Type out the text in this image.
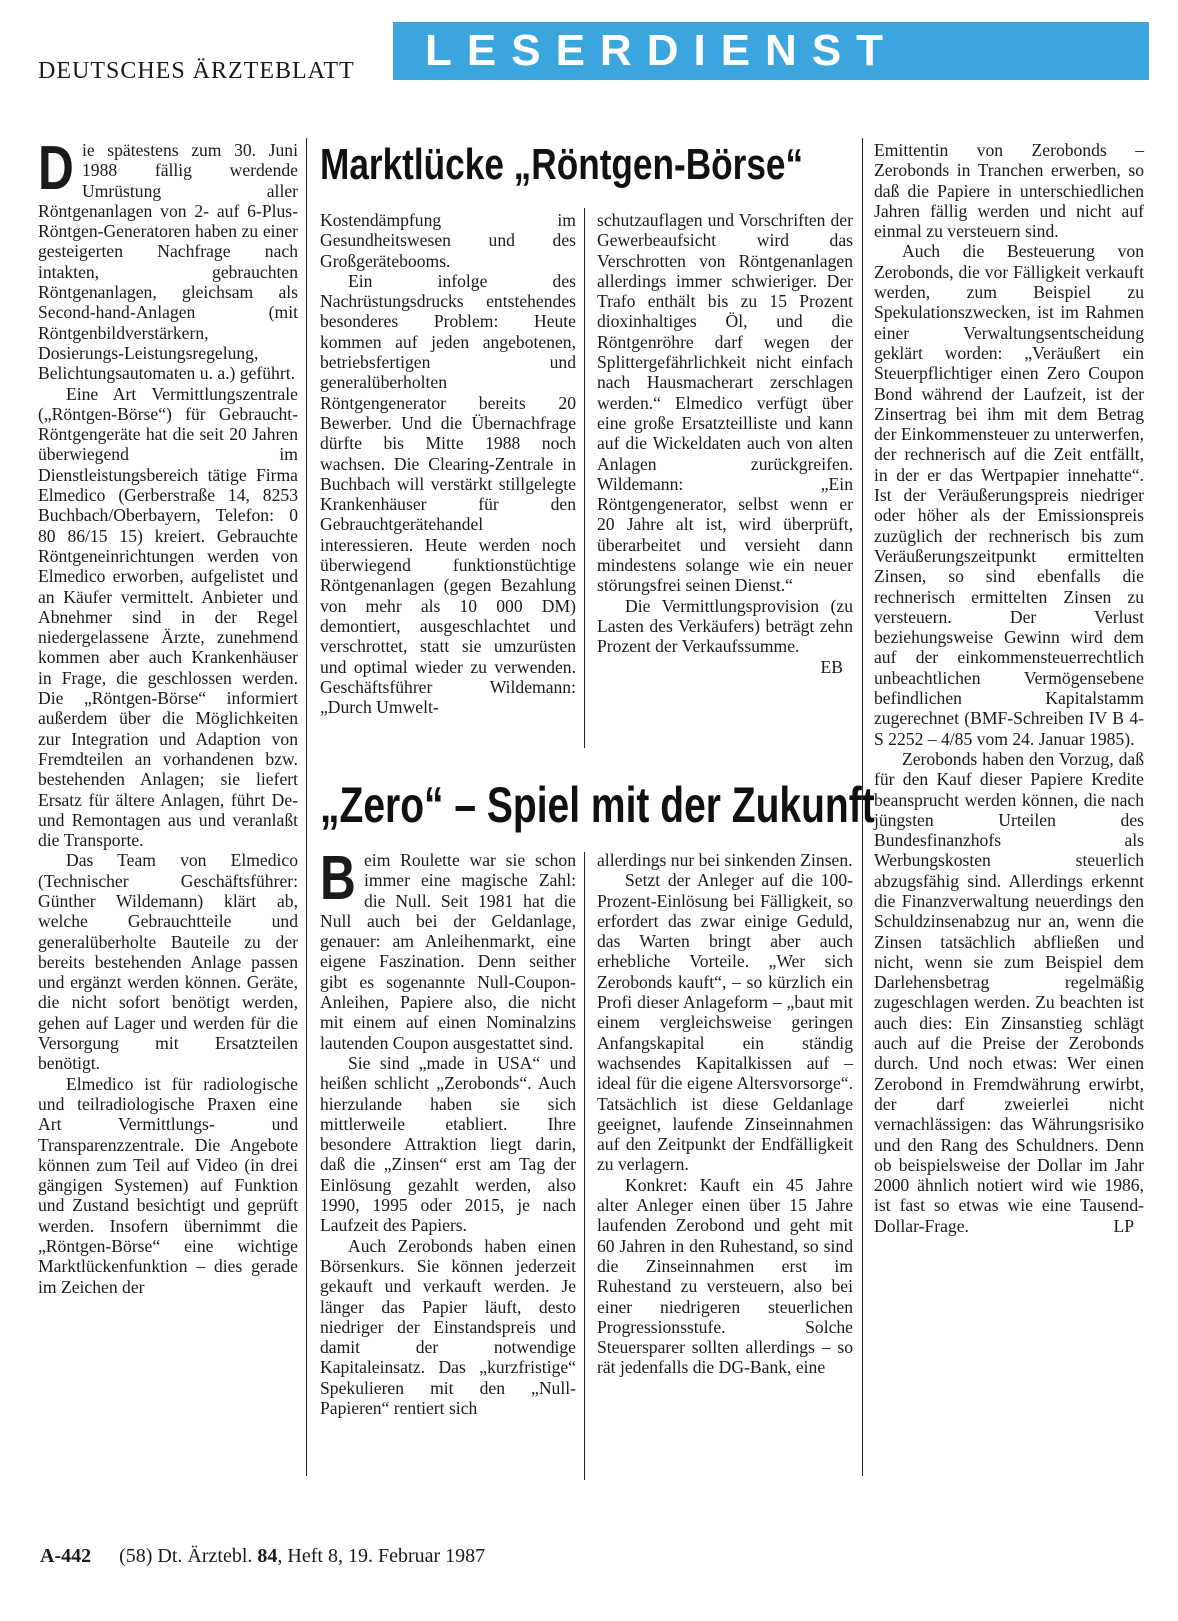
DEUTSCHES ÄRZTEBLATT LESERDIENST
Marktlücke „Röntgen-Börse“
D ie spätestens zum 30. Juni 1988 fällig werdende Umrüstung aller Röntgenanlagen von 2- auf 6-Plus-Röntgen-Generatoren haben zu einer gesteigerten Nachfrage nach intakten, gebrauchten Röntgenanlagen, gleichsam als Second-hand-Anlagen (mit Röntgenbildverstärkern, Dosierungs-Leistungsregelung, Belichtungsautomaten u. a.) geführt.

Eine Art Vermittlungszentrale („Röntgen-Börse“) für Gebraucht-Röntgengeräte hat die seit 20 Jahren überwiegend im Dienstleistungsbereich tätige Firma Elmedico (Gerberstraße 14, 8253 Buchbach/Oberbayern, Telefon: 0 80 86/15 15) kreiert. Gebrauchte Röntgeneinrichtungen werden von Elmedico erworben, aufgelistet und an Käufer vermittelt. Anbieter und Abnehmer sind in der Regel niedergelassene Ärzte, zunehmend kommen aber auch Krankenhäuser in Frage, die geschlossen werden. Die „Röntgen-Börse“ informiert außerdem über die Möglichkeiten zur Integration und Adaption von Fremdteilen an vorhandenen bzw. bestehenden Anlagen; sie liefert Ersatz für ältere Anlagen, führt De- und Remontagen aus und veranlaßt die Transporte.

Das Team von Elmedico (Technischer Geschäftsführer: Günther Wildemann) klärt ab, welche Gebrauchtteile und generalüberholte Bauteile zu der bereits bestehenden Anlage passen und ergänzt werden können. Geräte, die nicht sofort benötigt werden, gehen auf Lager und werden für die Versorgung mit Ersatzteilen benötigt.

Elmedico ist für radiologische und teilradiologische Praxen eine Art Vermittlungs- und Transparenzzentrale. Die Angebote können zum Teil auf Video (in drei gängigen Systemen) auf Funktion und Zustand besichtigt und geprüft werden. Insofern übernimmt die „Röntgen-Börse“ eine wichtige Marktlückenfunktion – dies gerade im Zeichen der

Kostendämpfung im Gesundheitswesen und des Großgerätebooms.

Ein infolge des Nachrüstungsdrucks entstehendes besonderes Problem: Heute kommen auf jeden angebotenen, betriebsfertigen und generalüberholten Röntgengenerator bereits 20 Bewerber. Und die Übernachfrage dürfte bis Mitte 1988 noch wachsen. Die Clearing-Zentrale in Buchbach will verstärkt stillgelegte Krankenhäuser für den Gebrauchtgerätehandel interessieren. Heute werden noch überwiegend funktionstüchtige Röntgenanlagen (gegen Bezahlung von mehr als 10 000 DM) demontiert, ausgeschlachtet und verschrottet, statt sie umzurüsten und optimal wieder zu verwenden. Geschäftsführer Wildemann: „Durch Umwelt-

schutzauflagen und Vorschriften der Gewerbeaufsicht wird das Verschrotten von Röntgenanlagen allerdings immer schwieriger. Der Trafo enthält bis zu 15 Prozent dioxinhaltiges Öl, und die Röntgenröhre darf wegen der Splittergefährlichkeit nicht einfach nach Hausmacherart zerschlagen werden.“ Elmedico verfügt über eine große Ersatzteilliste und kann auf die Wickeldaten auch von alten Anlagen zurückgreifen. Wildemann: „Ein Röntgengenerator, selbst wenn er 20 Jahre alt ist, wird überprüft, überarbeitet und versieht dann mindestens solange wie ein neuer störungsfrei seinen Dienst.“

Die Vermittlungsprovision (zu Lasten des Verkäufers) beträgt zehn Prozent der Verkaufssumme.
EB

„Zero“ – Spiel mit der Zukunft
B eim Roulette war sie schon immer eine magische Zahl: die Null. Seit 1981 hat die Null auch bei der Geldanlage, genauer: am Anleihenmarkt, eine eigene Faszination. Denn seither gibt es sogenannte Null-Coupon-Anleihen, Papiere also, die nicht mit einem auf einen Nominalzins lautenden Coupon ausgestattet sind.

Sie sind „made in USA“ und heißen schlicht „Zerobonds“. Auch hierzulande haben sie sich mittlerweile etabliert. Ihre besondere Attraktion liegt darin, daß die „Zinsen“ erst am Tag der Einlösung gezahlt werden, also 1990, 1995 oder 2015, je nach Laufzeit des Papiers.

Auch Zerobonds haben einen Börsenkurs. Sie können jederzeit gekauft und verkauft werden. Je länger das Papier läuft, desto niedriger der Einstandspreis und damit der notwendige Kapitaleinsatz. Das „kurzfristige“ Spekulieren mit den „Null-Papieren“ rentiert sich

allerdings nur bei sinkenden Zinsen.

Setzt der Anleger auf die 100-Prozent-Einlösung bei Fälligkeit, so erfordert das zwar einige Geduld, das Warten bringt aber auch erhebliche Vorteile. „Wer sich Zerobonds kauft“, – so kürzlich ein Profi dieser Anlageform – „baut mit einem vergleichsweise geringen Anfangskapital ein ständig wachsendes Kapitalkissen auf – ideal für die eigene Altersvorsorge“. Tatsächlich ist diese Geldanlage geeignet, laufende Zinseinnahmen auf den Zeitpunkt der Endfälligkeit zu verlagern.

Konkret: Kauft ein 45 Jahre alter Anleger einen über 15 Jahre laufenden Zerobond und geht mit 60 Jahren in den Ruhestand, so sind die Zinseinnahmen erst im Ruhestand zu versteuern, also bei einer niedrigeren steuerlichen Progressionsstufe. Solche Steuersparer sollten allerdings – so rät jedenfalls die DG-Bank, eine

Emittentin von Zerobonds – Zerobonds in Tranchen erwerben, so daß die Papiere in unterschiedlichen Jahren fällig werden und nicht auf einmal zu versteuern sind.

Auch die Besteuerung von Zerobonds, die vor Fälligkeit verkauft werden, zum Beispiel zu Spekulationszwecken, ist im Rahmen einer Verwaltungsentscheidung geklärt worden: „Veräußert ein Steuerpflichtiger einen Zero Coupon Bond während der Laufzeit, ist der Zinsertrag bei ihm mit dem Betrag der Einkommensteuer zu unterwerfen, der rechnerisch auf die Zeit entfällt, in der er das Wertpapier innehatte“. Ist der Veräußerungspreis niedriger oder höher als der Emissionspreis zuzüglich der rechnerisch bis zum Veräußerungszeitpunkt ermittelten Zinsen, so sind ebenfalls die rechnerisch ermittelten Zinsen zu versteuern. Der Verlust beziehungsweise Gewinn wird dem auf der einkommensteuerrechtlich unbeachtlichen Vermögensebene befindlichen Kapitalstamm zugerechnet (BMF-Schreiben IV B 4-S 2252 – 4/85 vom 24. Januar 1985).

Zerobonds haben den Vorzug, daß für den Kauf dieser Papiere Kredite beansprucht werden können, die nach jüngsten Urteilen des Bundesfinanzhofs als Werbungskosten steuerlich abzugsfähig sind. Allerdings erkennt die Finanzverwaltung neuerdings den Schuldzinsenabzug nur an, wenn die Zinsen tatsächlich abfließen und nicht, wenn sie zum Beispiel dem Darlehensbetrag regelmäßig zugeschlagen werden. Zu beachten ist auch dies: Ein Zinsanstieg schlägt auch auf die Preise der Zerobonds durch. Und noch etwas: Wer einen Zerobond in Fremdwährung erwirbt, der darf zweierlei nicht vernachlässigen: das Währungsrisiko und den Rang des Schuldners. Denn ob beispielsweise der Dollar im Jahr 2000 ähnlich notiert wird wie 1986, ist fast so etwas wie eine Tausend-Dollar-Frage.	LP

A-442 (58) Dt. Ärztebl. 84, Heft 8, 19. Februar 1987
